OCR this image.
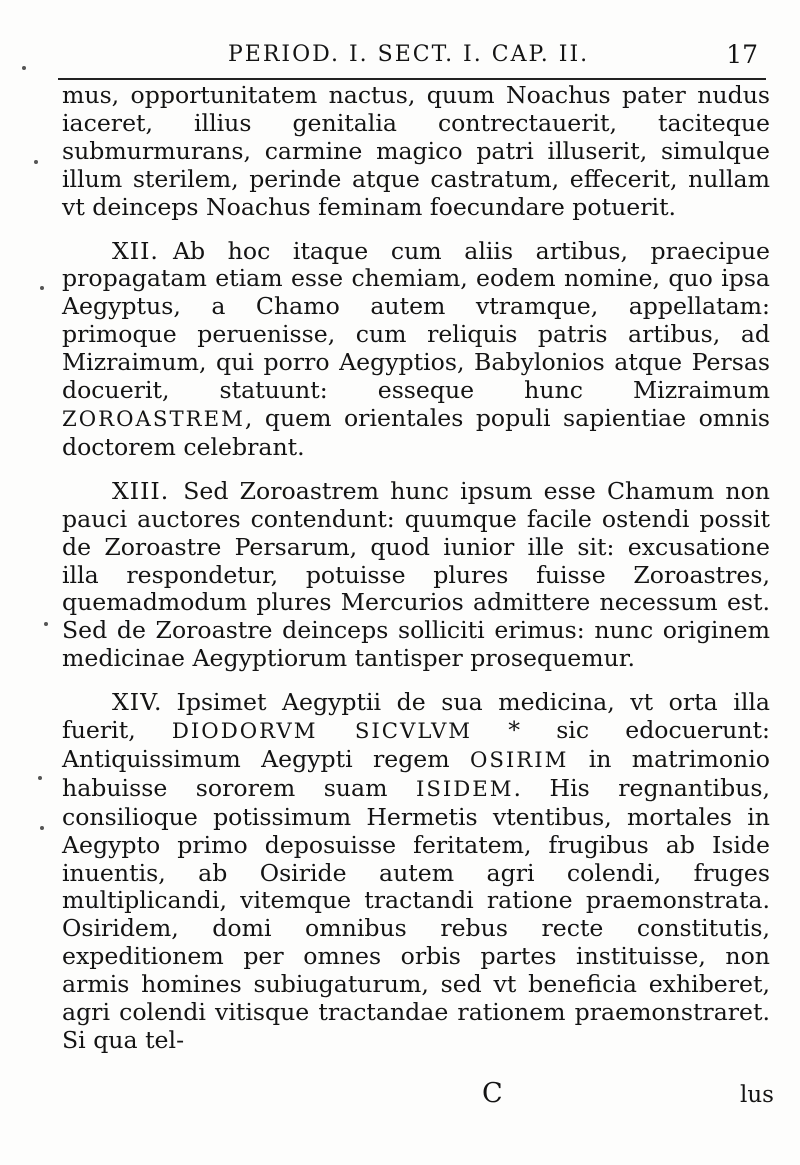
PERIOD. I. SECT. I. CAP. II.	17

mus, opportunitatem nactus, quum Noachus pater nudus iaceret, illius genitalia contrectauerit, taciteque submurmurans, carmine magico patri illuserit, simulque illum sterilem, perinde atque castratum, effecerit, nullam vt deinceps Noachus feminam foecundare potuerit.

XII. Ab hoc itaque cum aliis artibus, praecipue propagatam etiam esse chemiam, eodem nomine, quo ipsa Aegyptus, a Chamo autem vtramque, appellatam: primoque peruenisse, cum reliquis patris artibus, ad Mizraimum, qui porro Aegyptios, Babylonios atque Persas docuerit, statuunt: esseque hunc Mizraimum ZOROASTREM, quem orientales populi sapientiae omnis doctorem celebrant.

XIII. Sed Zoroastrem hunc ipsum esse Chamum non pauci auctores contendunt: quumque facile ostendi possit de Zoroastre Persarum, quod iunior ille sit: excusatione illa respondetur, potuisse plures fuisse Zoroastres, quemadmodum plures Mercurios admittere necessum est. Sed de Zoroastre deinceps solliciti erimus: nunc originem medicinae Aegyptiorum tantisper prosequemur.

XIV. Ipsimet Aegyptii de sua medicina, vt orta illa fuerit, DIODORVM SICVLVM * sic edocuerunt: Antiquissimum Aegypti regem OSIRIM in matrimonio habuisse sororem suam ISIDEM. His regnantibus, consilioque potissimum Hermetis vtentibus, mortales in Aegypto primo deposuisse feritatem, frugibus ab Iside inuentis, ab Osiride autem agri colendi, fruges multiplicandi, vitemque tractandi ratione praemonstrata. Osiridem, domi omnibus rebus recte constitutis, expeditionem per omnes orbis partes instituisse, non armis homines subiugaturum, sed vt beneficia exhiberet, agri colendi vitisque tractandae rationem praemonstraret. Si qua tel-

C	lus
